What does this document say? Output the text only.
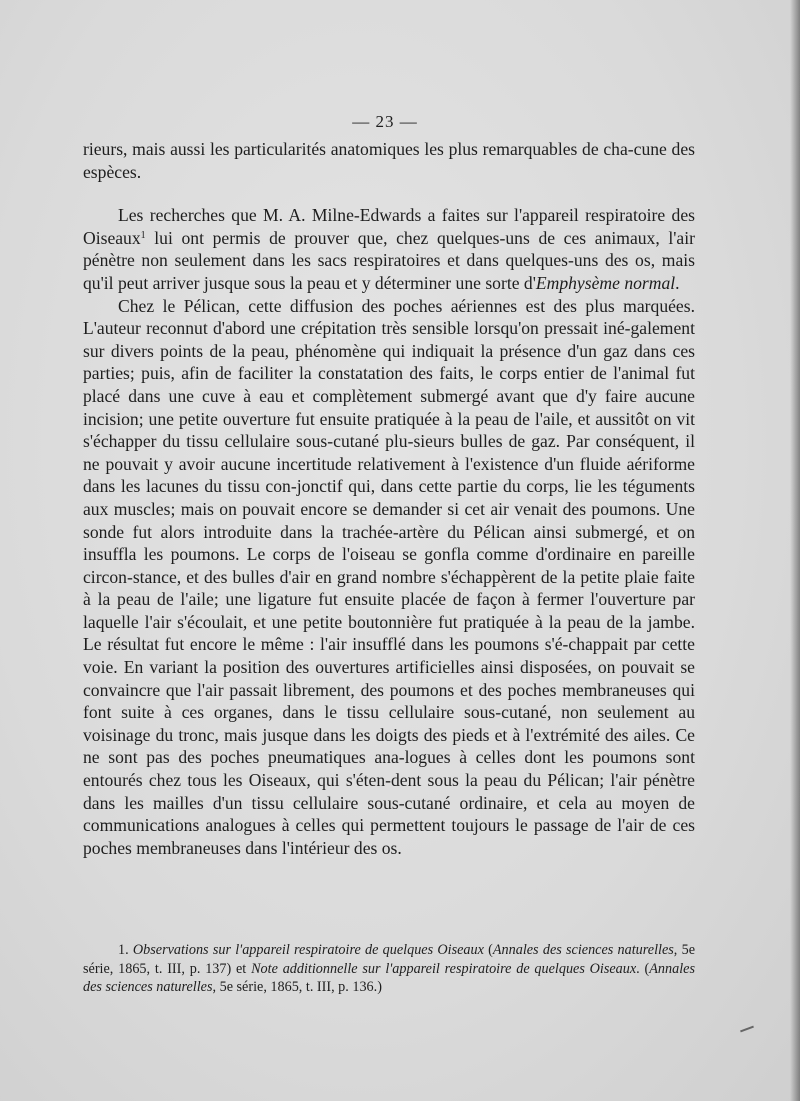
— 23 —

rieurs, mais aussi les particularités anatomiques les plus remarquables de cha-cune des espèces.

Les recherches que M. A. Milne-Edwards a faites sur l'appareil respiratoire des Oiseaux$^1$ lui ont permis de prouver que, chez quelques-uns de ces animaux, l'air pénètre non seulement dans les sacs respiratoires et dans quelques-uns des os, mais qu'il peut arriver jusque sous la peau et y déterminer une sorte d'Emphysème normal.

Chez le Pélican, cette diffusion des poches aériennes est des plus marquées. L'auteur reconnut d'abord une crépitation très sensible lorsqu'on pressait iné-galement sur divers points de la peau, phénomène qui indiquait la présence d'un gaz dans ces parties; puis, afin de faciliter la constatation des faits, le corps entier de l'animal fut placé dans une cuve à eau et complètement submergé avant que d'y faire aucune incision; une petite ouverture fut ensuite pratiquée à la peau de l'aile, et aussitôt on vit s'échapper du tissu cellulaire sous-cutané plu-sieurs bulles de gaz. Par conséquent, il ne pouvait y avoir aucune incertitude relativement à l'existence d'un fluide aériforme dans les lacunes du tissu con-jonctif qui, dans cette partie du corps, lie les téguments aux muscles; mais on pouvait encore se demander si cet air venait des poumons. Une sonde fut alors introduite dans la trachée-artère du Pélican ainsi submergé, et on insuffla les poumons. Le corps de l'oiseau se gonfla comme d'ordinaire en pareille circon-stance, et des bulles d'air en grand nombre s'échappèrent de la petite plaie faite à la peau de l'aile; une ligature fut ensuite placée de façon à fermer l'ouverture par laquelle l'air s'écoulait, et une petite boutonnière fut pratiquée à la peau de la jambe. Le résultat fut encore le même : l'air insufflé dans les poumons s'é-chappait par cette voie. En variant la position des ouvertures artificielles ainsi disposées, on pouvait se convaincre que l'air passait librement, des poumons et des poches membraneuses qui font suite à ces organes, dans le tissu cellulaire sous-cutané, non seulement au voisinage du tronc, mais jusque dans les doigts des pieds et à l'extrémité des ailes. Ce ne sont pas des poches pneumatiques ana-logues à celles dont les poumons sont entourés chez tous les Oiseaux, qui s'éten-dent sous la peau du Pélican; l'air pénètre dans les mailles d'un tissu cellulaire sous-cutané ordinaire, et cela au moyen de communications analogues à celles qui permettent toujours le passage de l'air de ces poches membraneuses dans l'intérieur des os.

1. Observations sur l'appareil respiratoire de quelques Oiseaux (Annales des sciences naturelles, 5e série, 1865, t. III, p. 137) et Note additionnelle sur l'appareil respiratoire de quelques Oiseaux. (Annales des sciences naturelles, 5e série, 1865, t. III, p. 136.)
